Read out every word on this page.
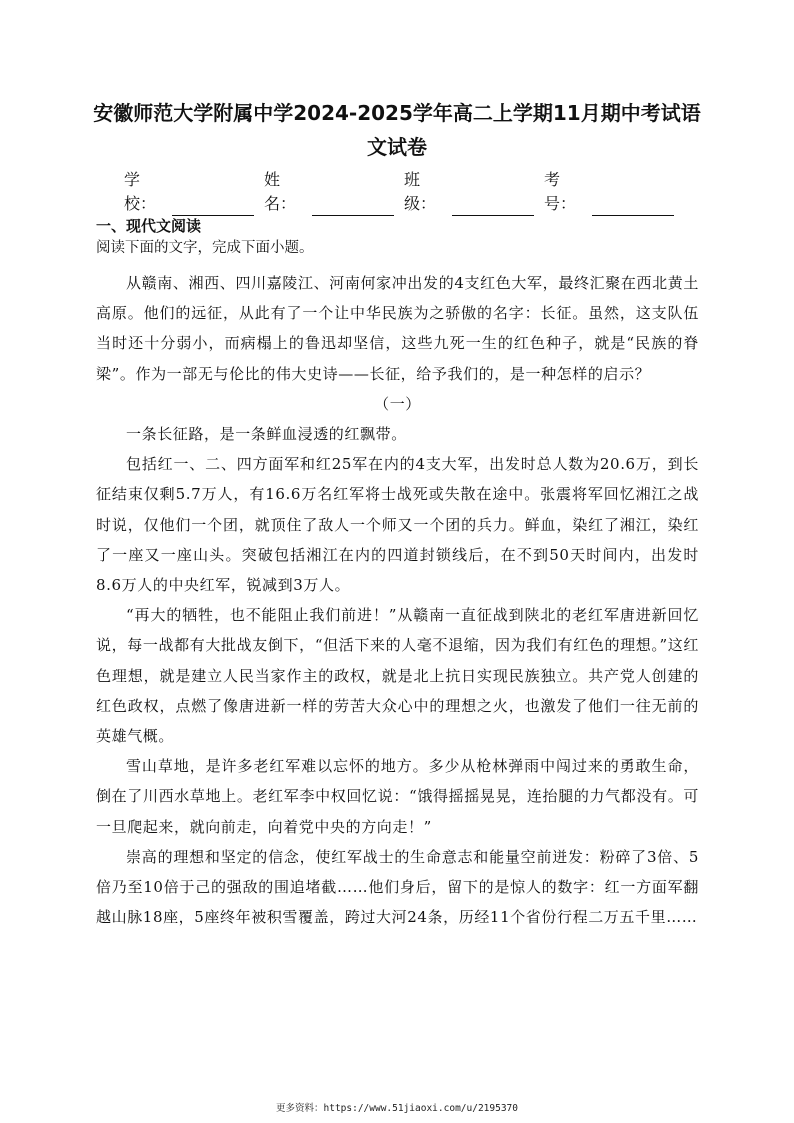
安徽师范大学附属中学2024-2025学年高二上学期11月期中考试语
文试卷
学校：
姓名：
班级：
考号：
一、现代文阅读

阅读下面的文字，完成下面小题。

从赣南、湘西、四川嘉陵江、河南何家冲出发的4支红色大军，最终汇聚在西北黄土高原。他们的远征，从此有了一个让中华民族为之骄傲的名字：长征。虽然，这支队伍当时还十分弱小，而病榻上的鲁迅却坚信，这些九死一生的红色种子，就是“民族的脊梁”。作为一部无与伦比的伟大史诗——长征，给予我们的，是一种怎样的启示？

（一）

一条长征路，是一条鲜血浸透的红飘带。

包括红一、二、四方面军和红25军在内的4支大军，出发时总人数为20.6万，到长征结束仅剩5.7万人，有16.6万名红军将士战死或失散在途中。张震将军回忆湘江之战时说，仅他们一个团，就顶住了敌人一个师又一个团的兵力。鲜血，染红了湘江，染红了一座又一座山头。突破包括湘江在内的四道封锁线后，在不到50天时间内，出发时8.6万人的中央红军，锐减到3万人。

“再大的牺牲，也不能阻止我们前进！”从赣南一直征战到陕北的老红军唐进新回忆说，每一战都有大批战友倒下，“但活下来的人毫不退缩，因为我们有红色的理想。”这红色理想，就是建立人民当家作主的政权，就是北上抗日实现民族独立。共产党人创建的红色政权，点燃了像唐进新一样的劳苦大众心中的理想之火，也激发了他们一往无前的英雄气概。

雪山草地，是许多老红军难以忘怀的地方。多少从枪林弹雨中闯过来的勇敢生命，倒在了川西水草地上。老红军李中权回忆说：“饿得摇摇晃晃，连抬腿的力气都没有。可一旦爬起来，就向前走，向着党中央的方向走！”

崇高的理想和坚定的信念，使红军战士的生命意志和能量空前迸发：粉碎了3倍、5倍乃至10倍于己的强敌的围追堵截……他们身后，留下的是惊人的数字：红一方面军翻越山脉18座，5座终年被积雪覆盖，跨过大河24条，历经11个省份行程二万五千里……

更多资料：https://www.51jiaoxi.com/u/2195370
